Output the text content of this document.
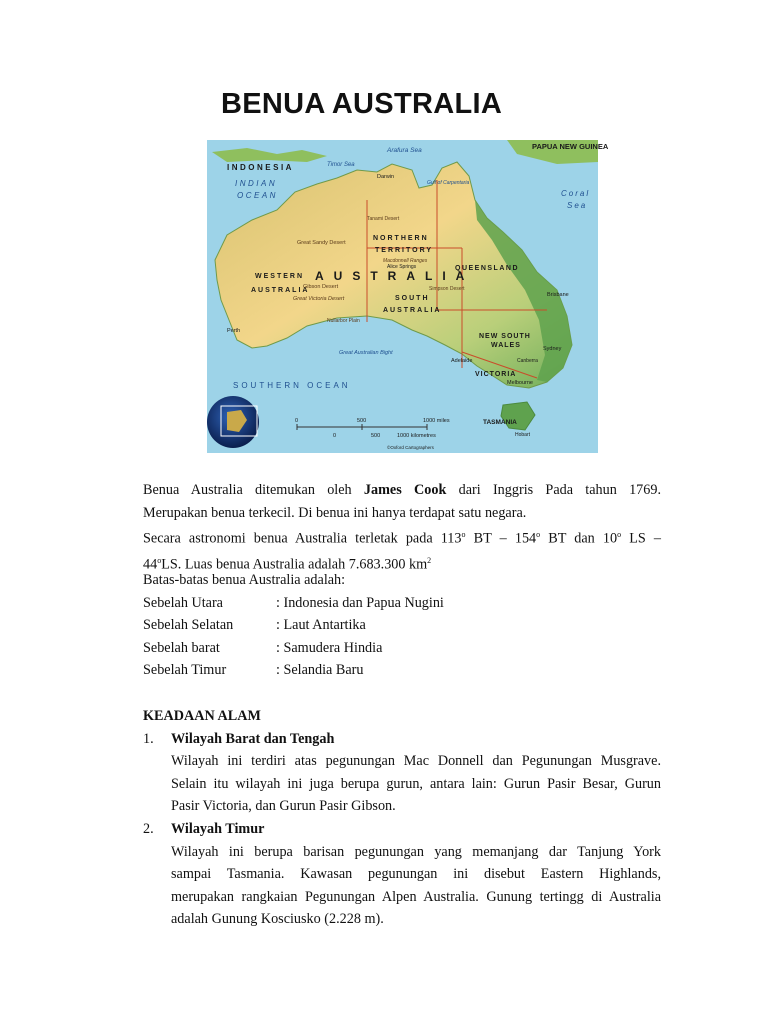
BENUA AUSTRALIA
INDONESIA
PAPUA NEW GUINEA
INDIAN
OCEAN	Coral
Sea
Arafura Sea
Timor Sea
AUSTRALIA
WESTERN
AUSTRALIA
NORTHERN
TERRITORY
QUEENSLAND
SOUTH
AUSTRALIA
NEW SOUTH
WALES
VICTORIA
TASMANIA
SOUTHERN OCEAN
Great Australian Bight
Gulf of Carpentaria
Great Sandy Desert
Gibson Desert
Great Victoria Desert
Simpson Desert
Tanami Desert
Nullarbor Plain
Macdonnell Ranges
Perth
Darwin
Brisbane
Sydney
Melbourne
Adelaide	Canberra
Hobart
Alice Springs
0	500	1000 miles
0	500	1000 kilometres
©Oxford Cartographers

Benua Australia ditemukan oleh James Cook dari Inggris Pada tahun 1769.

Merupakan benua terkecil. Di benua ini hanya terdapat satu negara.

Secara astronomi benua Australia terletak pada 113$^o$ BT – 154$^o$ BT dan 10$^o$ LS –

44$^o$LS. Luas benua Australia adalah 7.683.300 $km^2$

Batas-batas benua Australia adalah:

Sebelah Utara	: Indonesia dan Papua Nugini
Sebelah Selatan	: Laut Antartika
Sebelah barat	: Samudera Hindia
Sebelah Timur	: Selandia Baru

KEADAAN ALAM

1. Wilayah Barat dan Tengah

Wilayah ini terdiri atas pegunungan Mac Donnell dan Pegunungan Musgrave.

Selain itu wilayah ini juga berupa gurun, antara lain: Gurun Pasir Besar, Gurun

Pasir Victoria, dan Gurun Pasir Gibson.

2. Wilayah Timur

Wilayah ini berupa barisan pegunungan yang memanjang dar Tanjung York

sampai Tasmania. Kawasan pegunungan ini disebut Eastern Highlands,

merupakan rangkaian Pegunungan Alpen Australia. Gunung tertingg di Australia

adalah Gunung Kosciusko (2.228 m).
